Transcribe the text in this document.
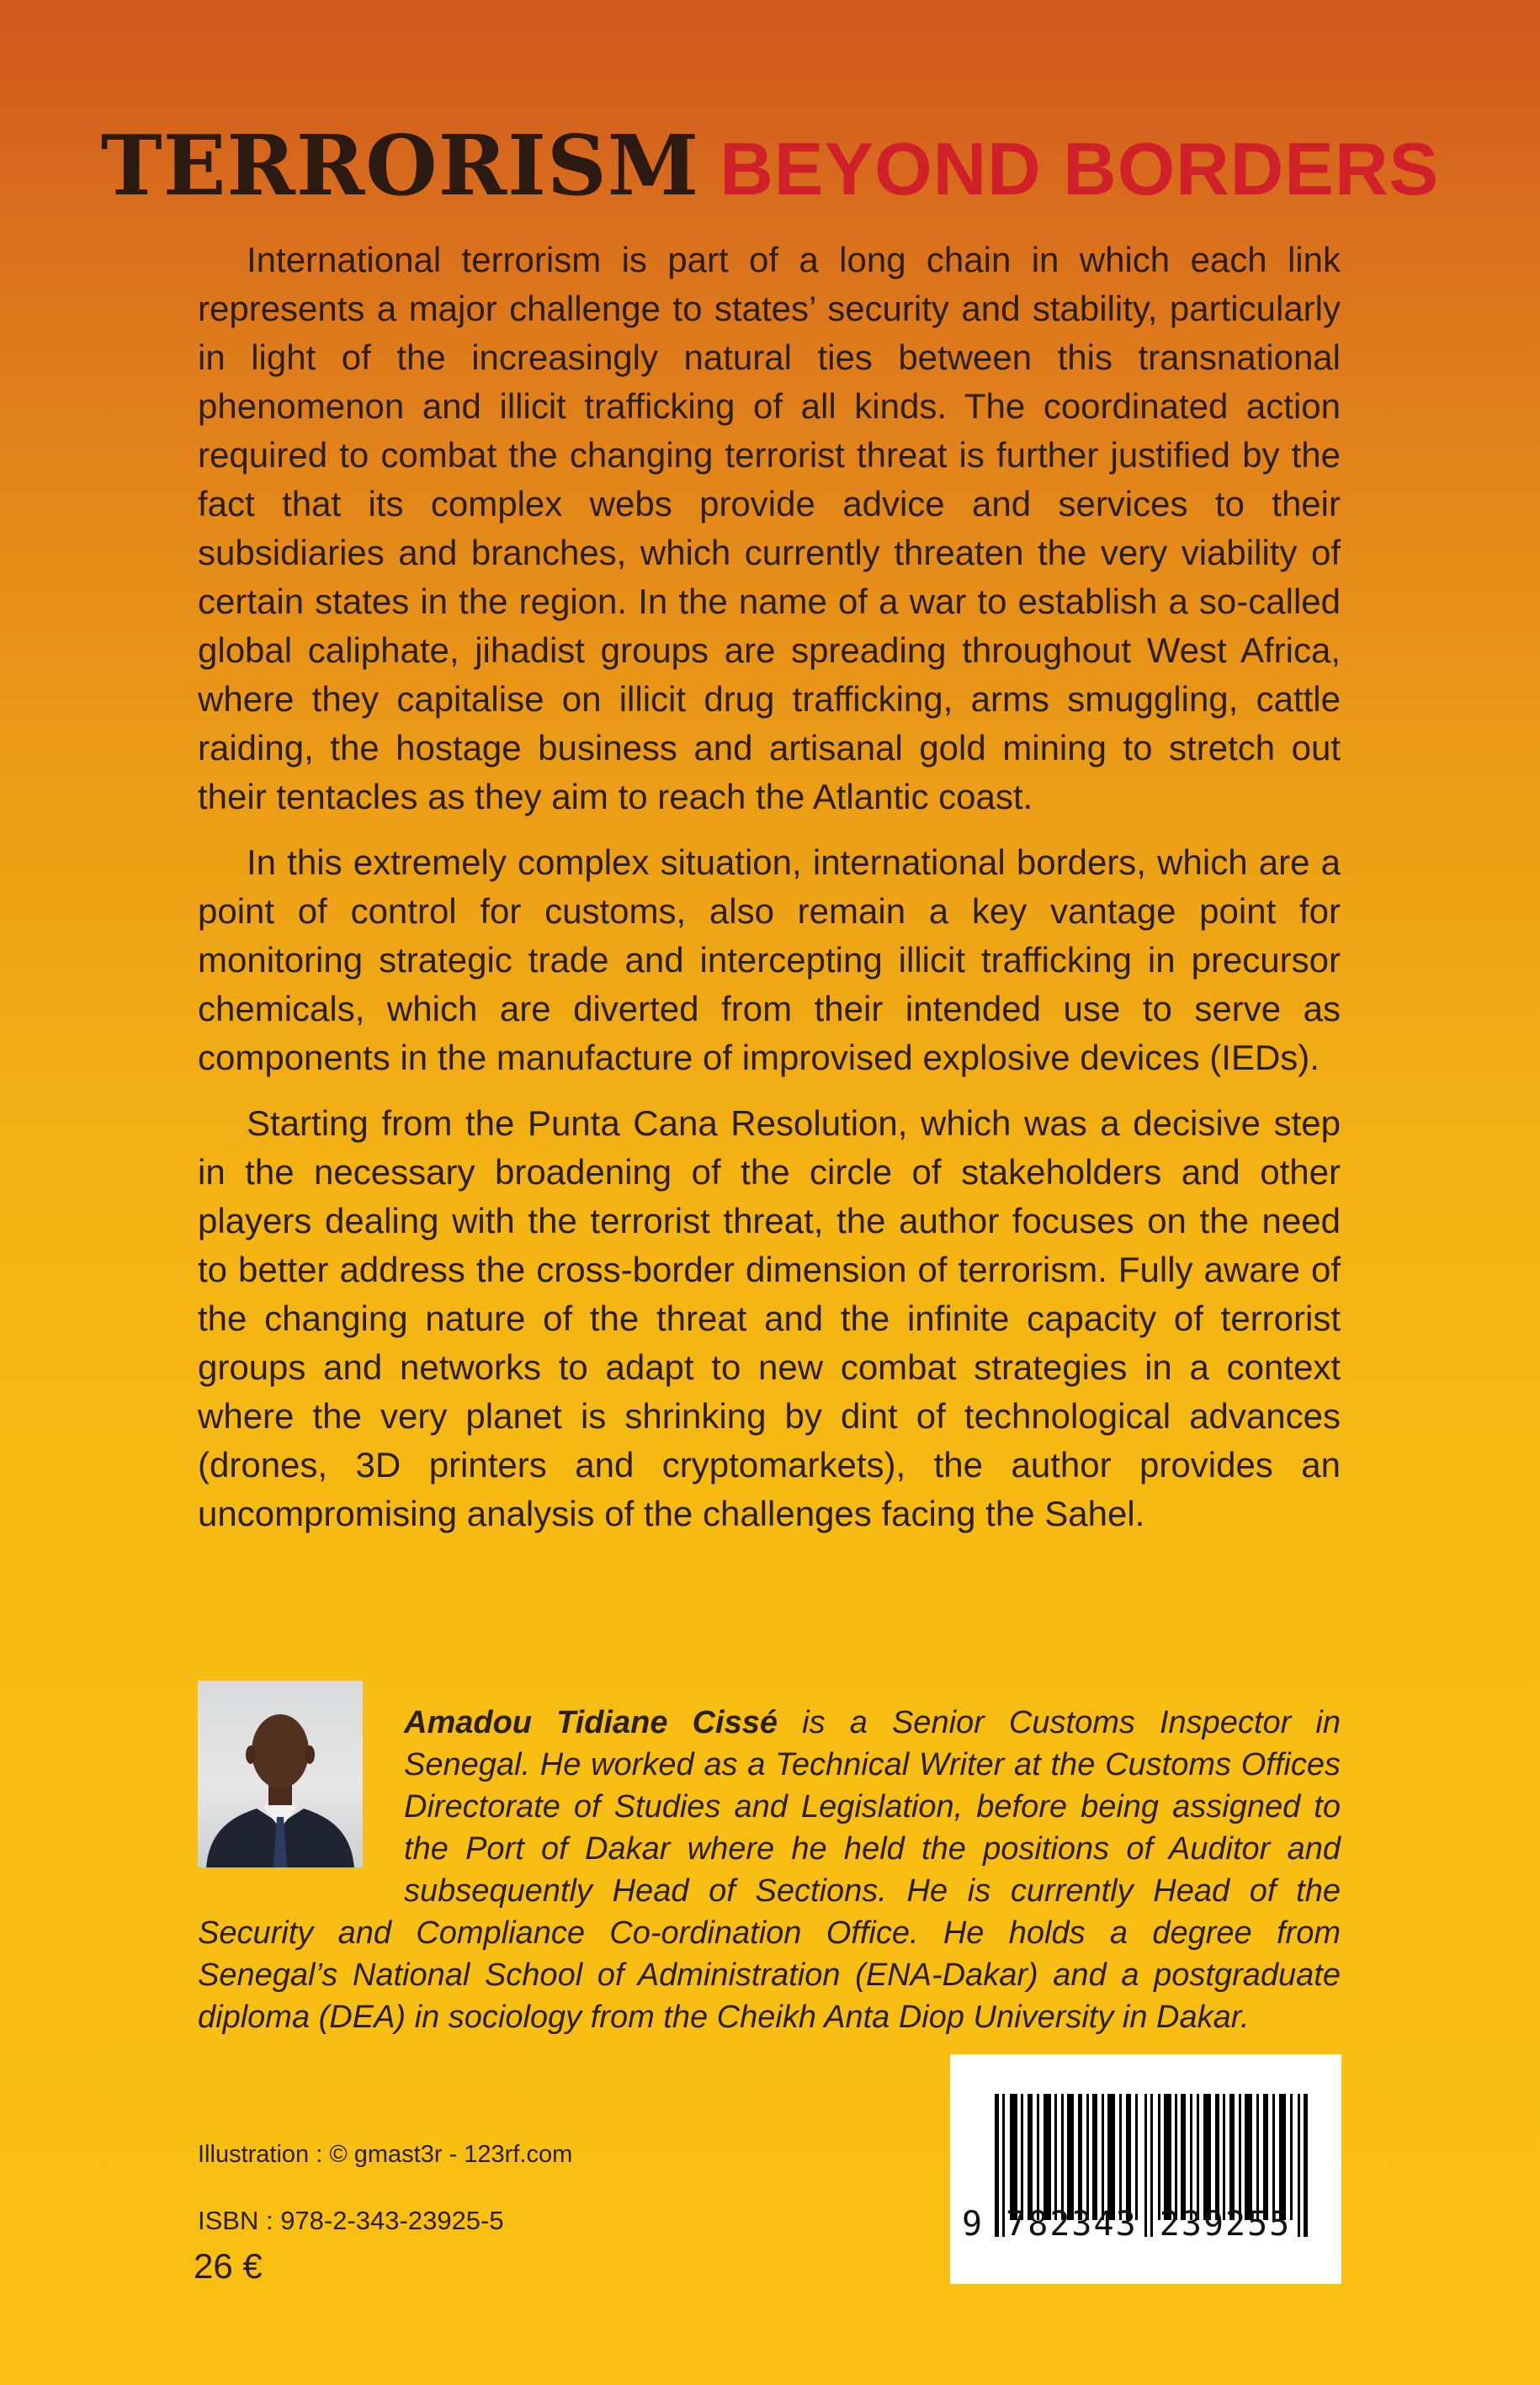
TERRORISM BEYOND BORDERS

International terrorism is part of a long chain in which each link represents a major challenge to states’ security and stability, particularly in light of the increasingly natural ties between this transnational phenomenon and illicit trafficking of all kinds. The coordinated action required to combat the changing terrorist threat is further justified by the fact that its complex webs provide advice and services to their subsidiaries and branches, which currently threaten the very viability of certain states in the region. In the name of a war to establish a so-called global caliphate, jihadist groups are spreading throughout West Africa, where they capitalise on illicit drug trafficking, arms smuggling, cattle raiding, the hostage business and artisanal gold mining to stretch out their tentacles as they aim to reach the Atlantic coast.

In this extremely complex situation, international borders, which are a point of control for customs, also remain a key vantage point for monitoring strategic trade and intercepting illicit trafficking in precursor chemicals, which are diverted from their intended use to serve as components in the manufacture of improvised explosive devices (IEDs).

Starting from the Punta Cana Resolution, which was a decisive step in the necessary broadening of the circle of stakeholders and other players dealing with the terrorist threat, the author focuses on the need to better address the cross-border dimension of terrorism. Fully aware of the changing nature of the threat and the infinite capacity of terrorist groups and networks to adapt to new combat strategies in a context where the very planet is shrinking by dint of technological advances (drones, 3D printers and cryptomarkets), the author provides an uncompromising analysis of the challenges facing the Sahel.

Amadou Tidiane Cissé is a Senior Customs Inspector in Senegal. He worked as a Technical Writer at the Customs Offices Directorate of Studies and Legislation, before being assigned to the Port of Dakar where he held the positions of Auditor and subsequently Head of Sections. He is currently Head of the Security and Compliance Co-ordination Office. He holds a degree from Senegal’s National School of Administration (ENA-Dakar) and a postgraduate diploma (DEA) in sociology from the Cheikh Anta Diop University in Dakar.
Illustration : © gmast3r - 123rf.com
ISBN : 978-2-343-23925-5
26 €
9 782343 239255
